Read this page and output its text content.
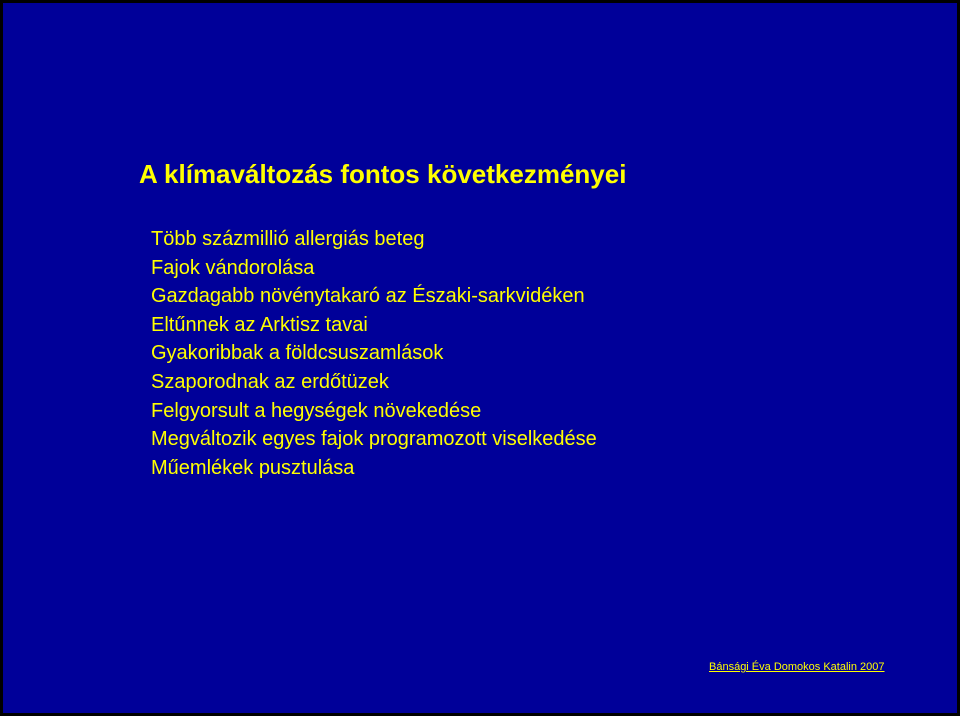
A klímaváltozás fontos következményei
Több százmillió allergiás beteg
Fajok vándorolása
Gazdagabb növénytakaró az Északi-sarkvidéken
Eltűnnek az Arktisz tavai
Gyakoribbak a földcsuszamlások
Szaporodnak az erdőtüzek
Felgyorsult a hegységek növekedése
Megváltozik egyes fajok programozott viselkedése
Műemlékek pusztulása
Bánsági Éva Domokos Katalin 2007
